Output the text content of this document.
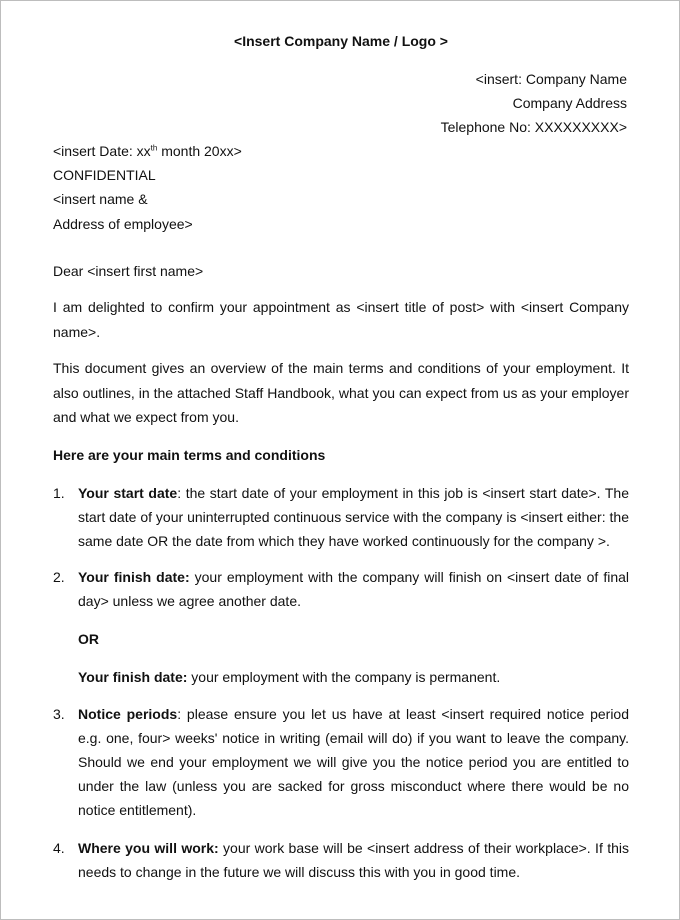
<Insert Company Name / Logo >
<insert: Company Name
Company Address
Telephone No: XXXXXXXXX>
<insert Date: $xx^{th}$ month 20xx>
CONFIDENTIAL
<insert name &
Address of employee>
Dear <insert first name>
I am delighted to confirm your appointment as <insert title of post> with <insert Company name>.
This document gives an overview of the main terms and conditions of your employment. It also outlines, in the attached Staff Handbook, what you can expect from us as your employer and what we expect from you.
Here are your main terms and conditions
1. Your start date: the start date of your employment in this job is <insert start date>. The start date of your uninterrupted continuous service with the company is <insert either: the same date OR the date from which they have worked continuously for the company >.
2. Your finish date: your employment with the company will finish on <insert date of final day> unless we agree another date.
OR
Your finish date: your employment with the company is permanent.
3. Notice periods: please ensure you let us have at least <insert required notice period e.g. one, four> weeks' notice in writing (email will do) if you want to leave the company. Should we end your employment we will give you the notice period you are entitled to under the law (unless you are sacked for gross misconduct where there would be no notice entitlement).
4. Where you will work: your work base will be <insert address of their workplace>. If this needs to change in the future we will discuss this with you in good time.
